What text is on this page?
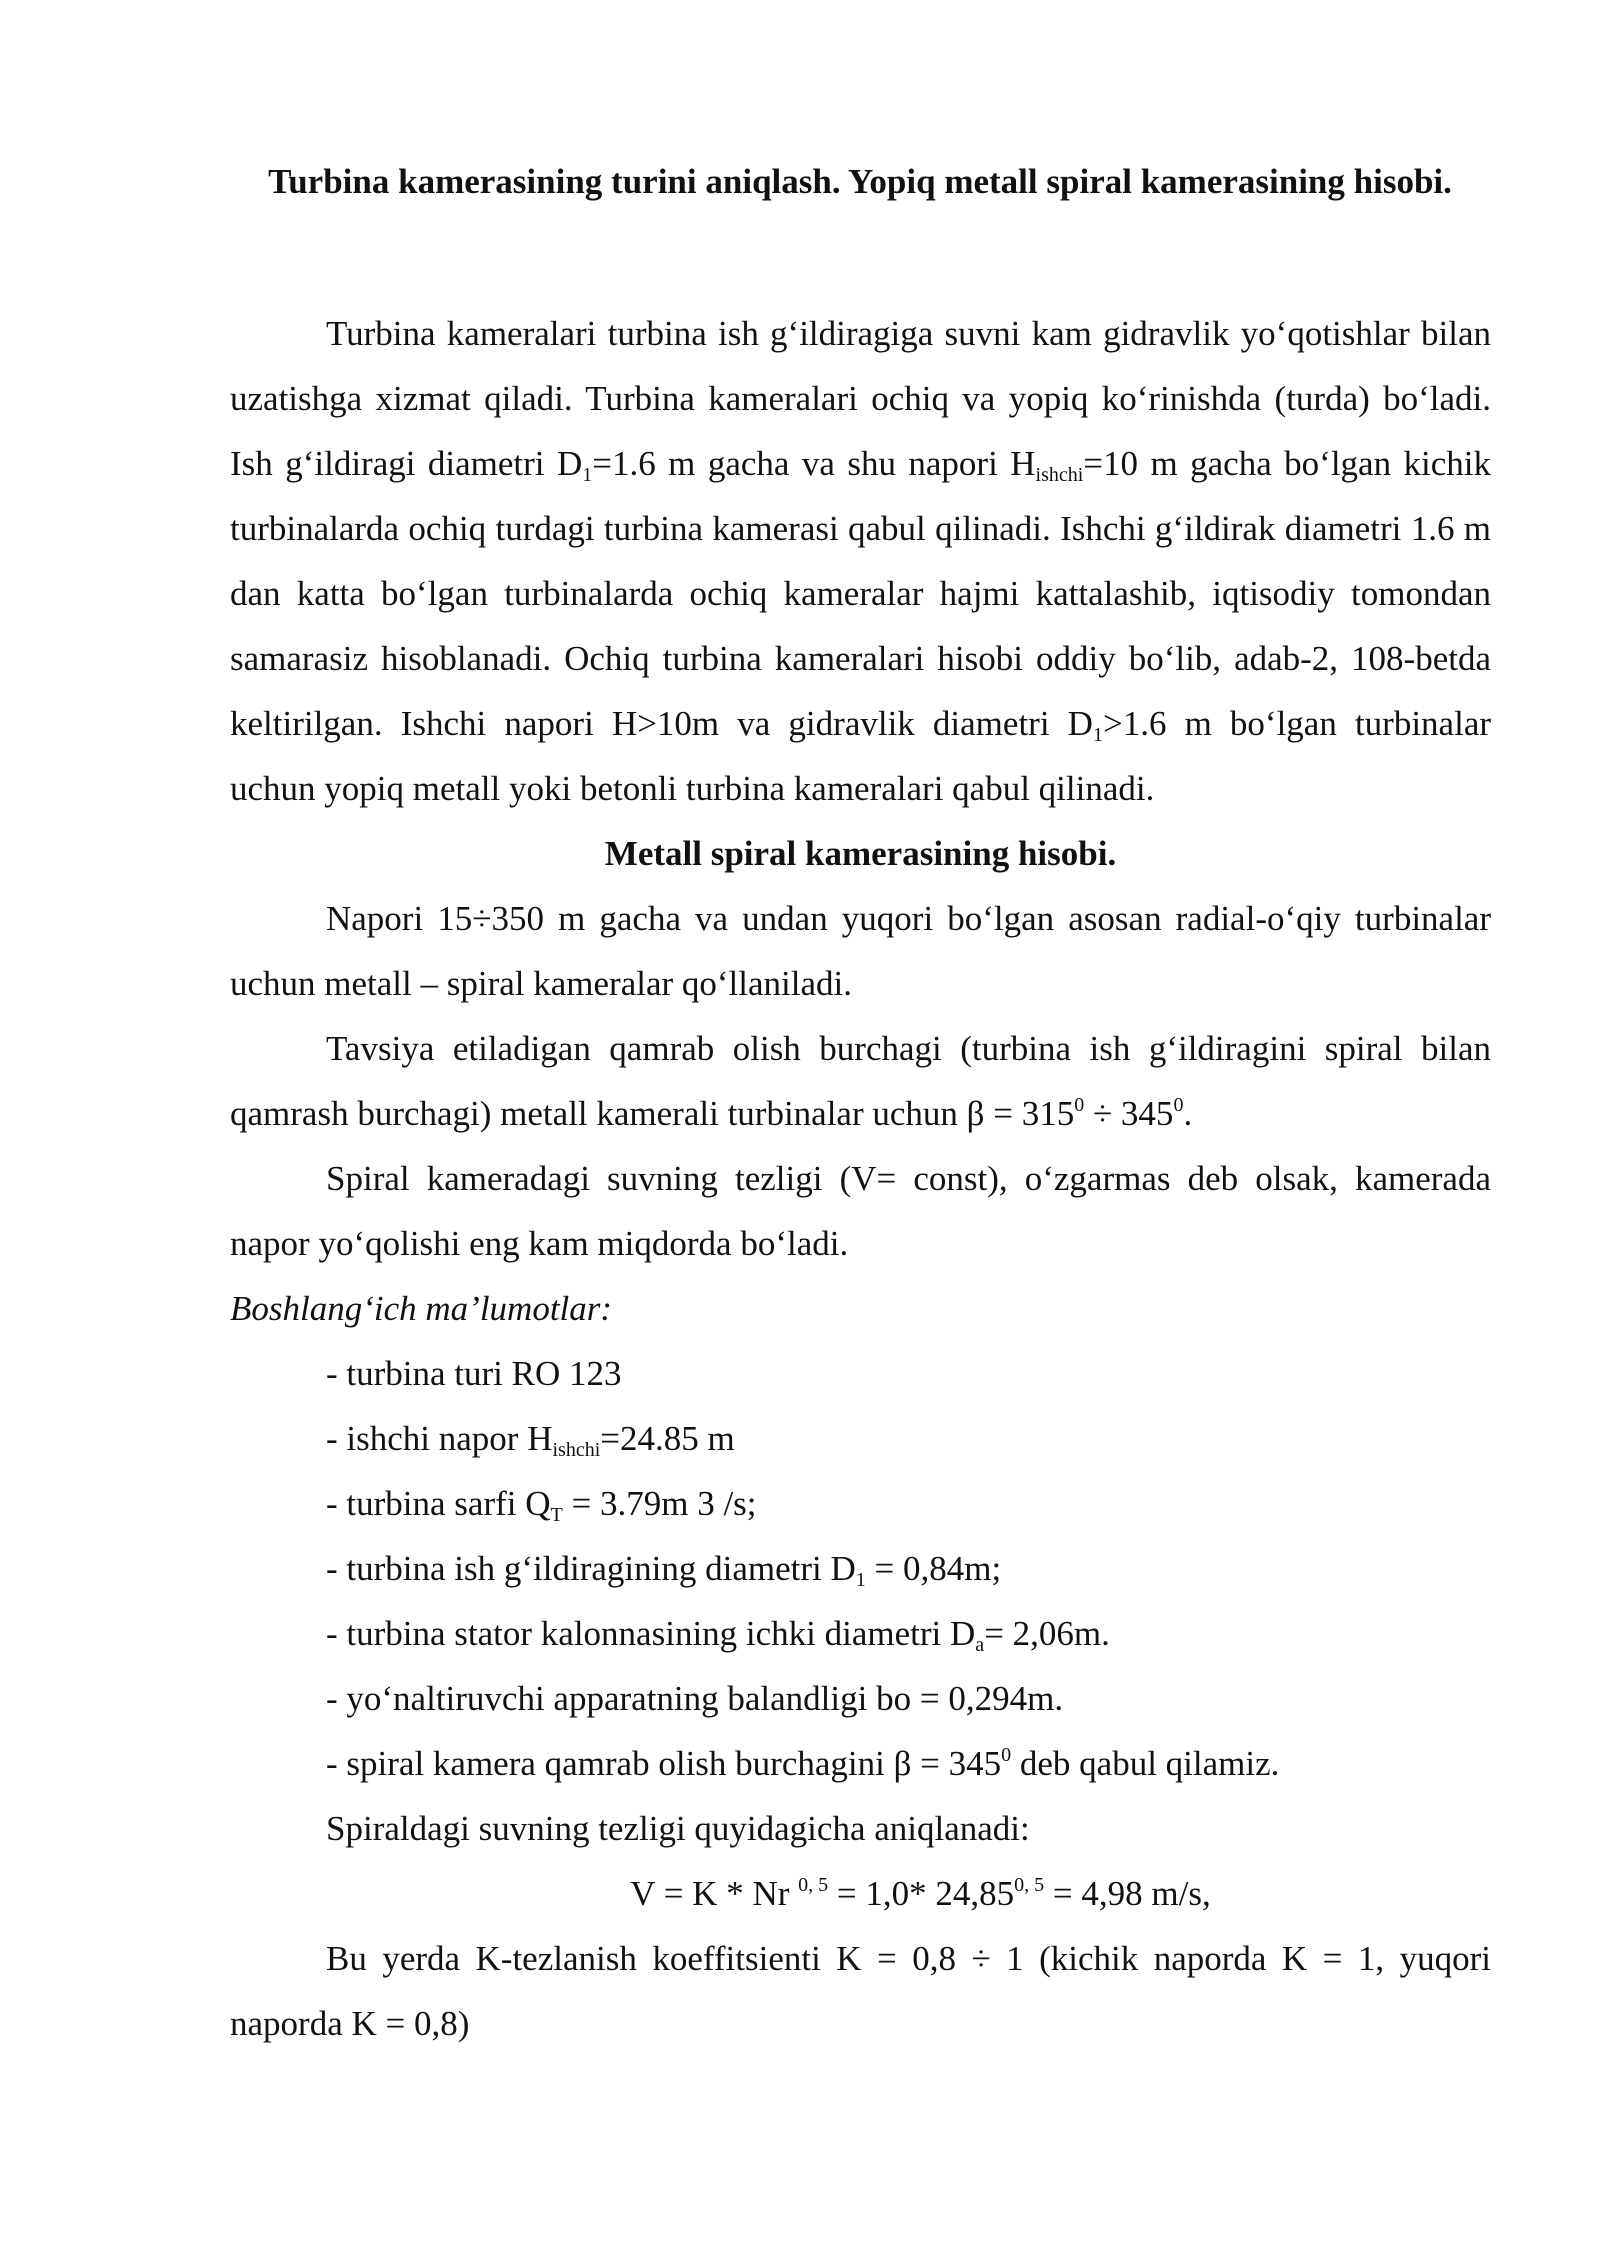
Turbina kamerasining turini aniqlash. Yopiq metall spiral kamerasining hisobi.

Turbina kameralari turbina ish g‘ildiragiga suvni kam gidravlik yo‘qotishlar bilan uzatishga xizmat qiladi. Turbina kameralari ochiq va yopiq ko‘rinishda (turda) bo‘ladi. Ish g‘ildiragi diametri $D_1=1.6$ m gacha va shu napori $H_{ishchi}=10$ m gacha bo‘lgan kichik turbinalarda ochiq turdagi turbina kamerasi qabul qilinadi. Ishchi g‘ildirak diametri 1.6 m dan katta bo‘lgan turbinalarda ochiq kameralar hajmi kattalashib, iqtisodiy tomondan samarasiz hisoblanadi. Ochiq turbina kameralari hisobi oddiy bo‘lib, adab-2, 108-betda keltirilgan. Ishchi napori H>10m va gidravlik diametri $D_1>1.6$ m bo‘lgan turbinalar uchun yopiq metall yoki betonli turbina kameralari qabul qilinadi.

Metall spiral kamerasining hisobi.

Napori 15÷350 m gacha va undan yuqori bo‘lgan asosan radial-o‘qiy turbinalar uchun metall – spiral kameralar qo‘llaniladi.

Tavsiya etiladigan qamrab olish burchagi (turbina ish g‘ildiragini spiral bilan qamrash burchagi) metall kamerali turbinalar uchun $\beta = 315^0 \div 345^0$.

Spiral kameradagi suvning tezligi (V= const), o‘zgarmas deb olsak, kamerada napor yo‘qolishi eng kam miqdorda bo‘ladi.

Boshlang‘ich ma’lumotlar:

- turbina turi RO 123

- ishchi napor $H_{ishchi}=24.85$ m

- turbina sarfi $Q_T = 3.79m$ 3 /s;

- turbina ish g‘ildiragining diametri $D_1 = 0,84m$;

- turbina stator kalonnasining ichki diametri $D_a= 2,06m$.

- yo‘naltiruvchi apparatning balandligi bo = 0,294m.

- spiral kamera qamrab olish burchagini $\beta = 345^0$ deb qabul qilamiz.

Spiraldagi suvning tezligi quyidagicha aniqlanadi:

V = K * Nr $^{0, 5}$ = 1,0* $24,85^{0, 5} = 4,98$ m/s,

Bu yerda K-tezlanish koeffitsienti K = 0,8 ÷ 1 (kichik naporda K = 1, yuqori naporda K = 0,8)
